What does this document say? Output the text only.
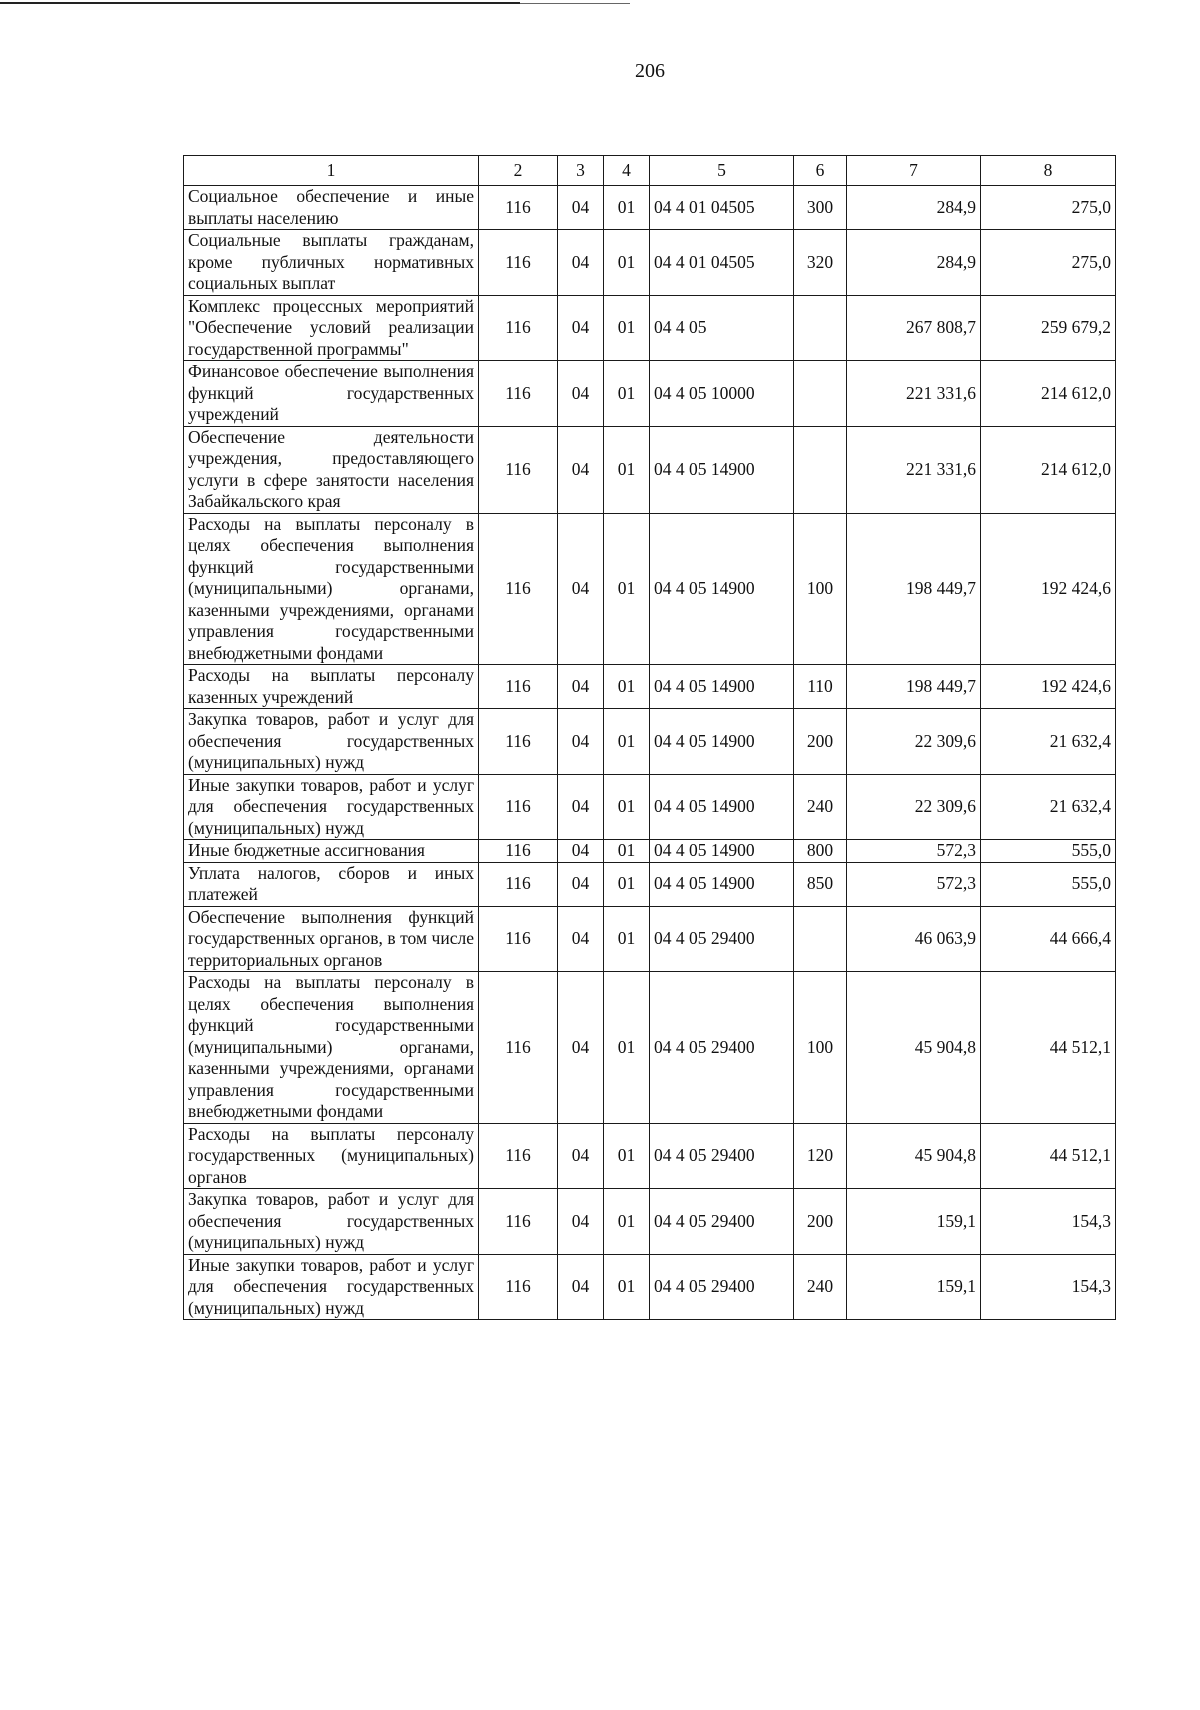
206
1	2	3	4	5	6	7	8
Социальное обеспечение и иные выплаты населению	116	04	01	04 4 01 04505	300	284,9	275,0
Социальные выплаты гражданам, кроме публичных нормативных социальных выплат	116	04	01	04 4 01 04505	320	284,9	275,0
Комплекс процессных мероприятий "Обеспечение условий реализации государственной программы"	116	04	01	04 4 05		267 808,7	259 679,2
Финансовое обеспечение выполнения функций государственных учреждений	116	04	01	04 4 05 10000		221 331,6	214 612,0
Обеспечение деятельности учреждения, предоставляющего услуги в сфере занятости населения Забайкальского края	116	04	01	04 4 05 14900		221 331,6	214 612,0
Расходы на выплаты персоналу в целях обеспечения выполнения функций государственными (муниципальными) органами, казенными учреждениями, органами управления государственными внебюджетными фондами	116	04	01	04 4 05 14900	100	198 449,7	192 424,6
Расходы на выплаты персоналу казенных учреждений	116	04	01	04 4 05 14900	110	198 449,7	192 424,6
Закупка товаров, работ и услуг для обеспечения государственных (муниципальных) нужд	116	04	01	04 4 05 14900	200	22 309,6	21 632,4
Иные закупки товаров, работ и услуг для обеспечения государственных (муниципальных) нужд	116	04	01	04 4 05 14900	240	22 309,6	21 632,4
Иные бюджетные ассигнования	116	04	01	04 4 05 14900	800	572,3	555,0
Уплата налогов, сборов и иных платежей	116	04	01	04 4 05 14900	850	572,3	555,0
Обеспечение выполнения функций государственных органов, в том числе территориальных органов	116	04	01	04 4 05 29400		46 063,9	44 666,4
Расходы на выплаты персоналу в целях обеспечения выполнения функций государственными (муниципальными) органами, казенными учреждениями, органами управления государственными внебюджетными фондами	116	04	01	04 4 05 29400	100	45 904,8	44 512,1
Расходы на выплаты персоналу государственных (муниципальных) органов	116	04	01	04 4 05 29400	120	45 904,8	44 512,1
Закупка товаров, работ и услуг для обеспечения государственных (муниципальных) нужд	116	04	01	04 4 05 29400	200	159,1	154,3
Иные закупки товаров, работ и услуг для обеспечения государственных (муниципальных) нужд	116	04	01	04 4 05 29400	240	159,1	154,3
